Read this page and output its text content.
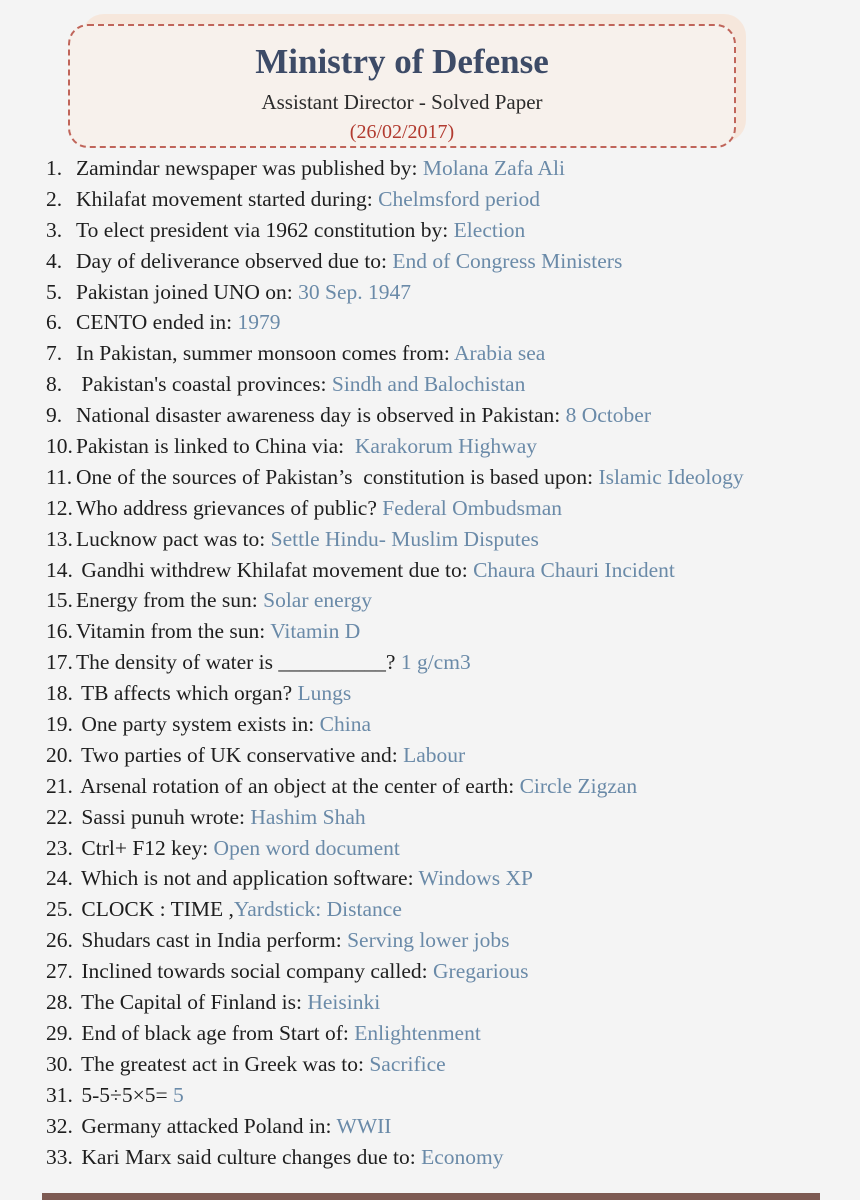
Ministry of Defense
Assistant Director - Solved Paper
(26/02/2017)
1. Zamindar newspaper was published by: Molana Zafa Ali
2. Khilafat movement started during: Chelmsford period
3. To elect president via 1962 constitution by: Election
4. Day of deliverance observed due to: End of Congress Ministers
5. Pakistan joined UNO on: 30 Sep. 1947
6. CENTO ended in: 1979
7. In Pakistan, summer monsoon comes from: Arabia sea
8. Pakistan's coastal provinces: Sindh and Balochistan
9. National disaster awareness day is observed in Pakistan: 8 October
10. Pakistan is linked to China via:  Karakorum Highway
11. One of the sources of Pakistan’s  constitution is based upon: Islamic Ideology
12. Who address grievances of public? Federal Ombudsman
13. Lucknow pact was to: Settle Hindu- Muslim Disputes
14. Gandhi withdrew Khilafat movement due to: Chaura Chauri Incident
15. Energy from the sun: Solar energy
16. Vitamin from the sun: Vitamin D
17. The density of water is __________? 1 g/cm3
18. TB affects which organ? Lungs
19. One party system exists in: China
20. Two parties of UK conservative and: Labour
21. Arsenal rotation of an object at the center of earth: Circle Zigzan
22. Sassi punuh wrote: Hashim Shah
23. Ctrl+ F12 key: Open word document
24. Which is not and application software: Windows XP
25. CLOCK : TIME ,Yardstick: Distance
26. Shudars cast in India perform: Serving lower jobs
27. Inclined towards social company called: Gregarious
28. The Capital of Finland is: Heisinki
29. End of black age from Start of: Enlightenment
30. The greatest act in Greek was to: Sacrifice
31. 5-5÷5×5= 5
32. Germany attacked Poland in: WWII
33. Kari Marx said culture changes due to: Economy
